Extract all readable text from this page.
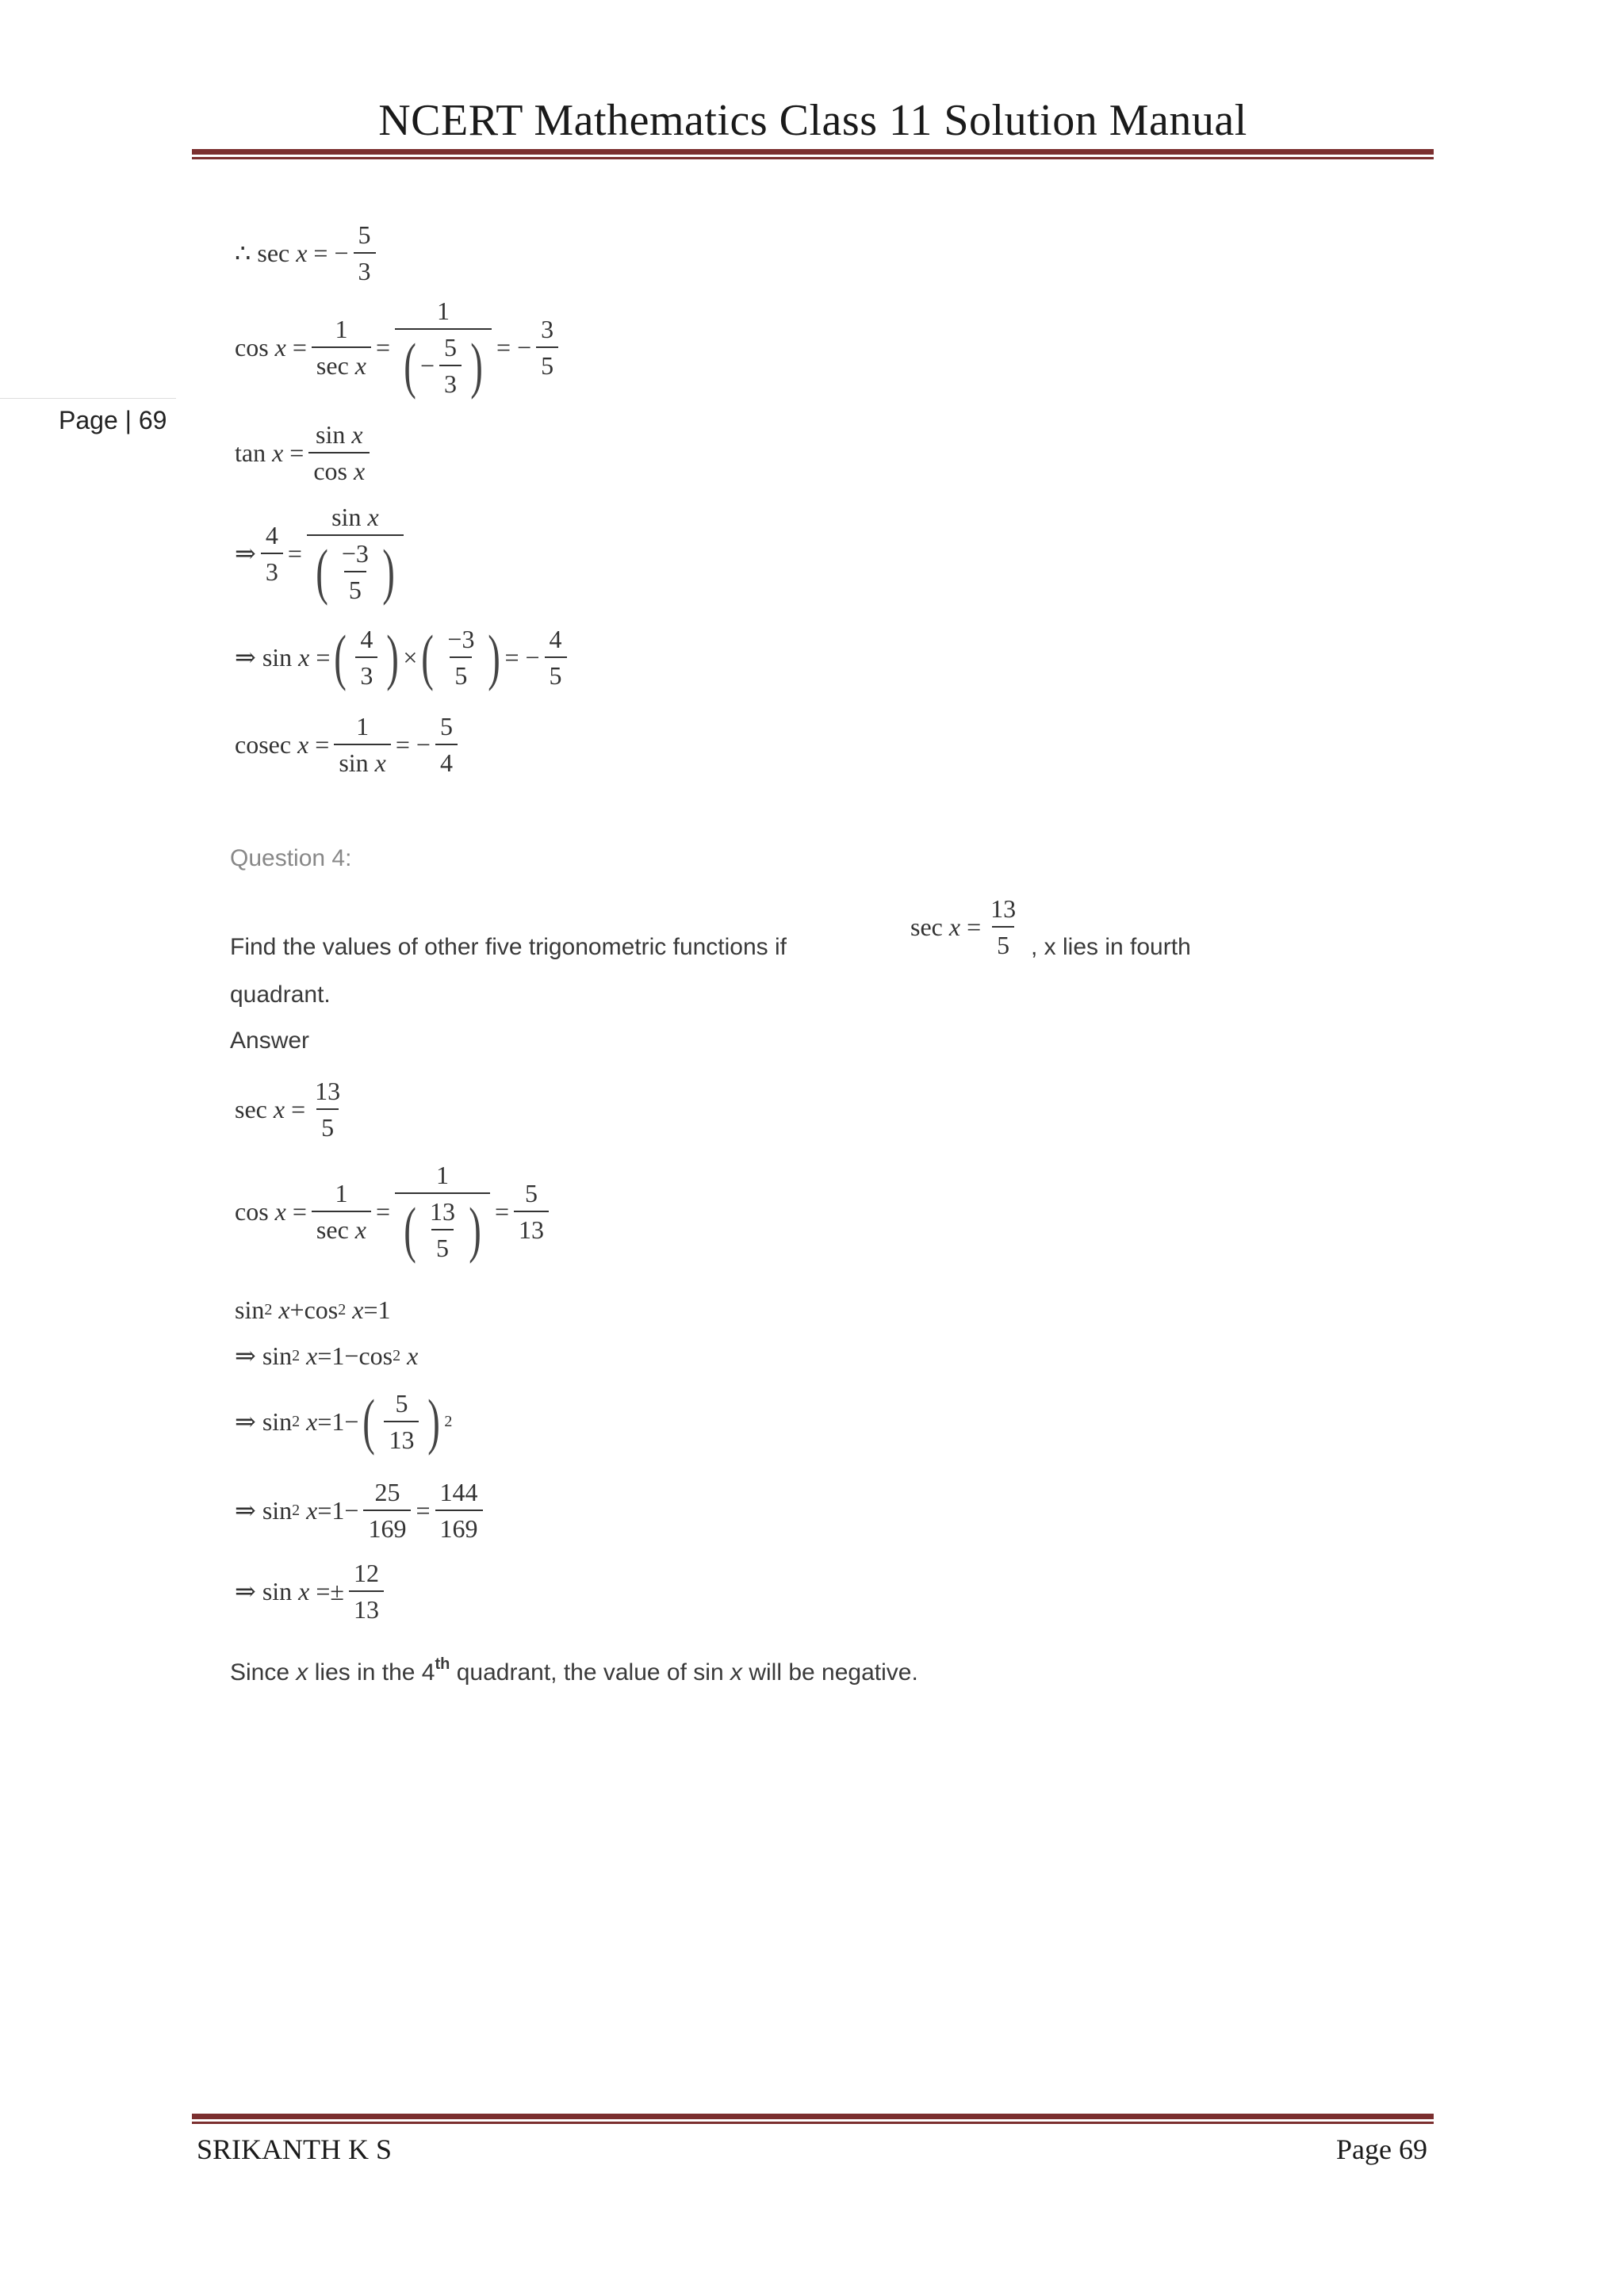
NCERT Mathematics Class 11 Solution Manual
Page | 69
∴ sec x = − $\frac{5}{3}$
$\cos x = \frac{1}{\text{sec x}} = \frac{1}{( - \frac{5}{3} )}$ = − $\frac{3}{5}$
$\tan x = \frac{\text{sin x}}{\text{cos x}}$
⇒ $\frac{4}{3} = \frac{\text{sin x}}{( \frac{-3}{5} )}$
⇒ sin x = ( $\frac{4}{3}$ ) × ( $\frac{-3}{5}$ ) = − $\frac{4}{5}$
cosec $x = \frac{1}{\text{sin x}}$ = − $\frac{5}{4}$
Question 4:
Find the values of other five trigonometric functions if
$\sec x = \frac{13}{5}$ , x lies in fourth
quadrant.
Answer
$\sec x = \frac{13}{5}$
$\cos x = \frac{1}{\text{sec x}} = \frac{1}{( \frac{13}{5} )} = \frac{5}{13}$
sin 2 x + cos 2 x = 1
⇒ sin 2 x = 1 − cos 2 x
⇒ sin 2 x = 1 − ( $\frac{5}{13}$ ) 2
⇒ sin 2 $x = 1 - \frac{25}{169} = \frac{144}{169}$
⇒ sin x = ± $\frac{12}{13}$
Since x lies in the 4th quadrant, the value of sin x will be negative.
SRIKANTH K S	Page 69
